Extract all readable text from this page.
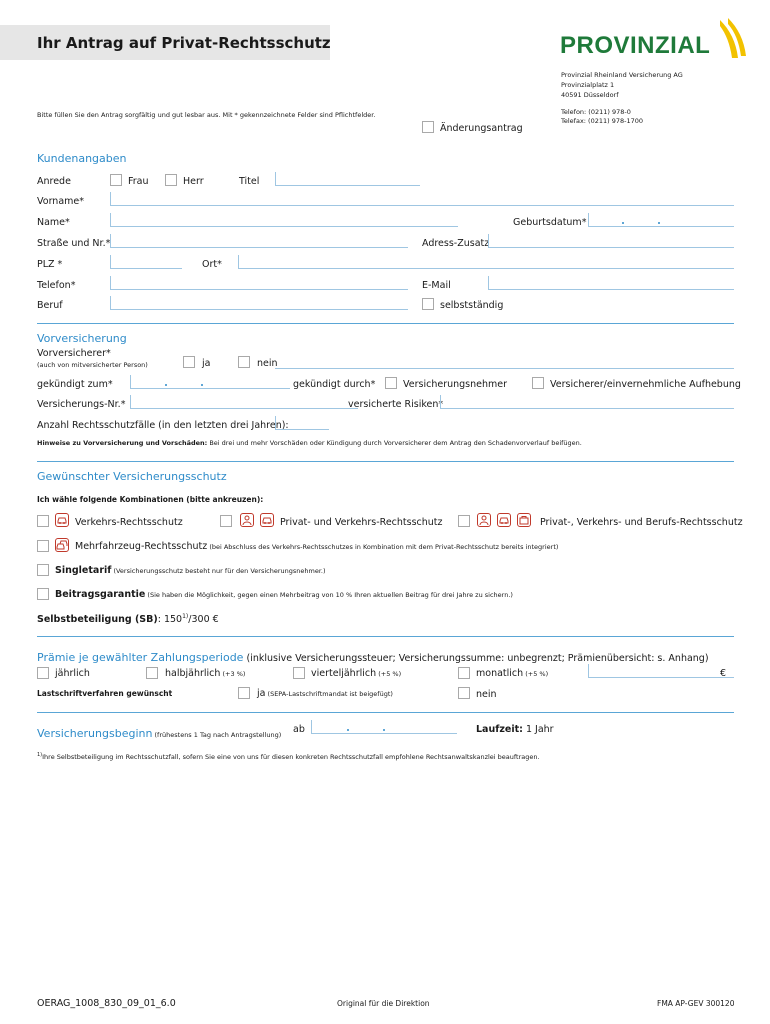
Ihr Antrag auf Privat-Rechtsschutz	PROVINZIAL
Provinzial Rheinland Versicherung AG
Provinzialplatz 1
40591 Düsseldorf
Telefon: (0211) 978-0
Telefax: (0211) 978-1700
Bitte füllen Sie den Antrag sorgfältig und gut lesbar aus. Mit * gekennzeichnete Felder sind Pflichtfelder.
Änderungsantrag
Kundenangaben
Anrede	Frau	Herr	Titel
Vorname*
Name*	Geburtsdatum*
Straße und Nr.*	Adress-Zusatz
PLZ *	Ort*
Telefon*	E-Mail
Beruf	selbstständig
Vorversicherung
Vorversicherer*
(auch von mitversicherter Person)	ja	nein
gekündigt zum*	gekündigt durch*	Versicherungsnehmer	Versicherer/einvernehmliche Aufhebung
Versicherungs-Nr.*	versicherte Risiken*
Anzahl Rechtsschutzfälle (in den letzten drei Jahren):
Hinweise zu Vorversicherung und Vorschäden: Bei drei und mehr Vorschäden oder Kündigung durch Vorversicherer dem Antrag den Schadenvorverlauf beifügen.
Gewünschter Versicherungsschutz
Ich wähle folgende Kombinationen (bitte ankreuzen):
Verkehrs-Rechtsschutz	Privat- und Verkehrs-Rechtsschutz	Privat-, Verkehrs- und Berufs-Rechtsschutz
Mehrfahrzeug-Rechtsschutz (bei Abschluss des Verkehrs-Rechtsschutzes in Kombination mit dem Privat-Rechtsschutz bereits integriert)
Singletarif (Versicherungsschutz besteht nur für den Versicherungsnehmer.)
Beitragsgarantie (Sie haben die Möglichkeit, gegen einen Mehrbeitrag von 10 % Ihren aktuellen Beitrag für drei Jahre zu sichern.)
Selbstbeteiligung (SB): 150$^{1)}$/300 €
Prämie je gewählter Zahlungsperiode (inklusive Versicherungssteuer; Versicherungssumme: unbegrenzt; Prämienübersicht: s. Anhang)
jährlich	halbjährlich (+3 %)	vierteljährlich (+5 %)	monatlich (+5 %)	€
Lastschriftverfahren gewünscht	ja (SEPA-Lastschriftmandat ist beigefügt)	nein
Versicherungsbeginn (frühestens 1 Tag nach Antragstellung) ab	Laufzeit: 1 Jahr
$^{1)}$Ihre Selbstbeteiligung im Rechtsschutzfall, sofern Sie eine von uns für diesen konkreten Rechtsschutzfall empfohlene Rechtsanwaltskanzlei beauftragen.
OERAG_1008_830_09_01_6.0	Original für die Direktion	FMA AP-GEV 300120
